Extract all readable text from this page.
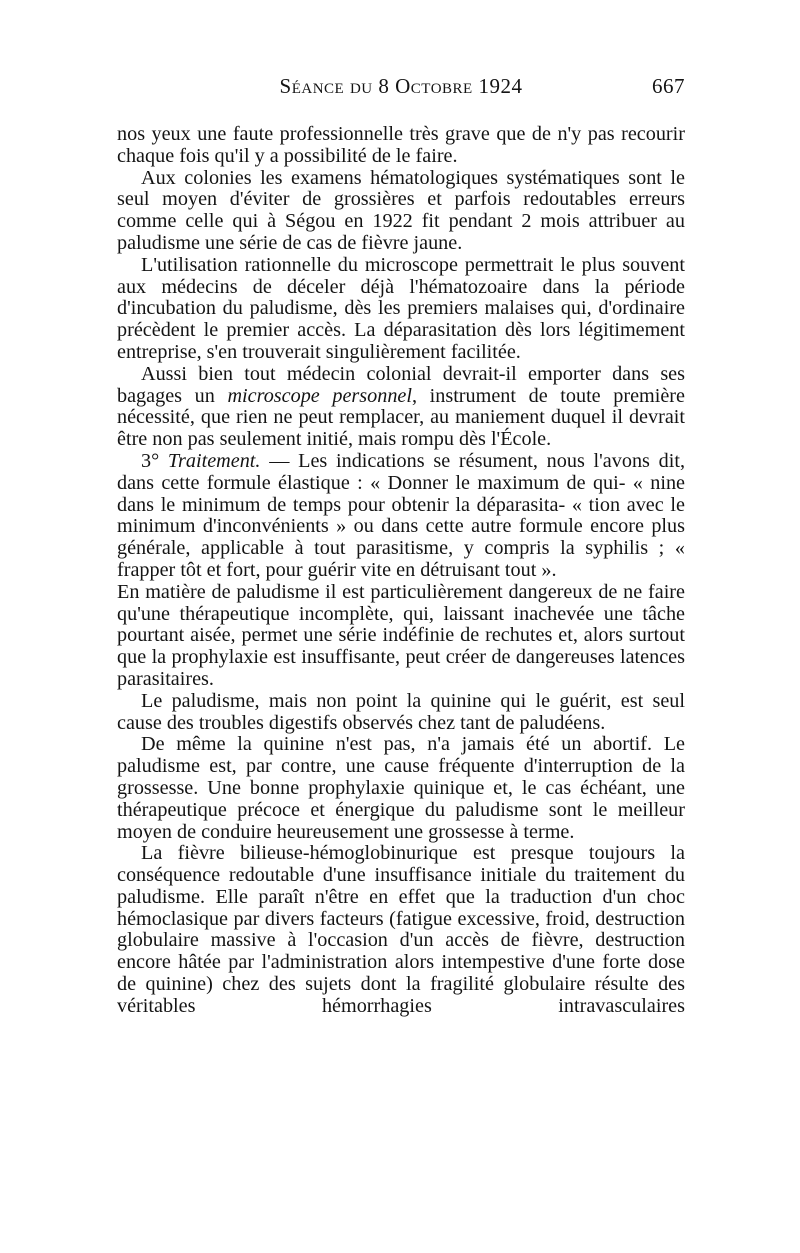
Séance du 8 Octobre 1924	667

nos yeux une faute professionnelle très grave que de n'y pas recourir chaque fois qu'il y a possibilité de le faire.

Aux colonies les examens hématologiques systématiques sont le seul moyen d'éviter de grossières et parfois redoutables erreurs comme celle qui à Ségou en 1922 fit pendant 2 mois attribuer au paludisme une série de cas de fièvre jaune.

L'utilisation rationnelle du microscope permettrait le plus souvent aux médecins de déceler déjà l'hématozoaire dans la période d'incubation du paludisme, dès les premiers malaises qui, d'ordinaire précèdent le premier accès. La déparasitation dès lors légitimement entreprise, s'en trouverait singulièrement facilitée.

Aussi bien tout médecin colonial devrait-il emporter dans ses bagages un microscope personnel, instrument de toute première nécessité, que rien ne peut remplacer, au maniement duquel il devrait être non pas seulement initié, mais rompu dès l'École.

3° Traitement. — Les indications se résument, nous l'avons dit, dans cette formule élastique : « Donner le maximum de qui- « nine dans le minimum de temps pour obtenir la déparasita- « tion avec le minimum d'inconvénients » ou dans cette autre formule encore plus générale, applicable à tout parasitisme, y compris la syphilis ; « frapper tôt et fort, pour guérir vite en détruisant tout ».

En matière de paludisme il est particulièrement dangereux de ne faire qu'une thérapeutique incomplète, qui, laissant inachevée une tâche pourtant aisée, permet une série indéfinie de rechutes et, alors surtout que la prophylaxie est insuffisante, peut créer de dangereuses latences parasitaires.

Le paludisme, mais non point la quinine qui le guérit, est seul cause des troubles digestifs observés chez tant de paludéens.

De même la quinine n'est pas, n'a jamais été un abortif. Le paludisme est, par contre, une cause fréquente d'interruption de la grossesse. Une bonne prophylaxie quinique et, le cas échéant, une thérapeutique précoce et énergique du paludisme sont le meilleur moyen de conduire heureusement une grossesse à terme.

La fièvre bilieuse-hémoglobinurique est presque toujours la conséquence redoutable d'une insuffisance initiale du traitement du paludisme. Elle paraît n'être en effet que la traduction d'un choc hémoclasique par divers facteurs (fatigue excessive, froid, destruction globulaire massive à l'occasion d'un accès de fièvre, destruction encore hâtée par l'administration alors intempestive d'une forte dose de quinine) chez des sujets dont la fragilité globulaire résulte des véritables hémorrhagies intravasculaires
